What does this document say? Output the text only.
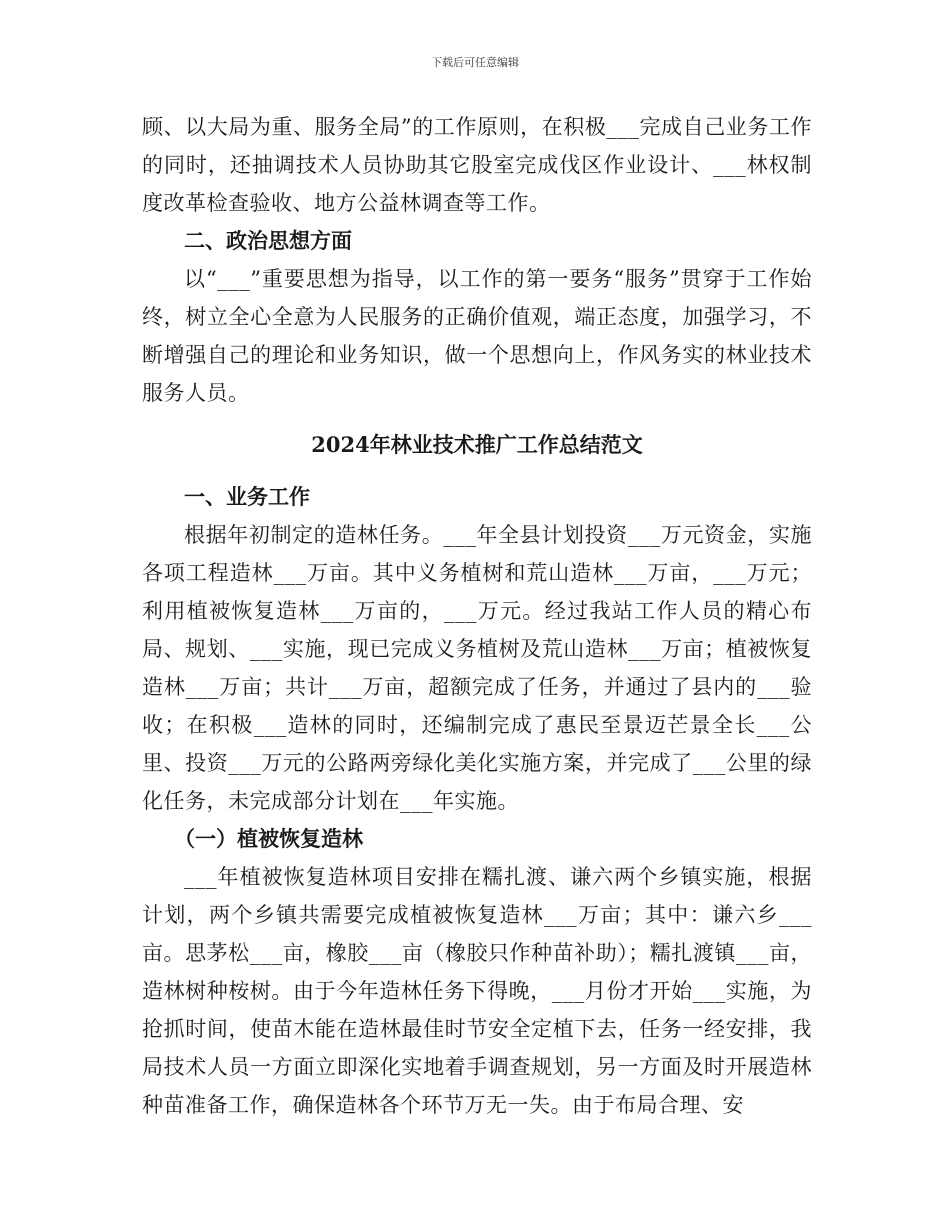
下载后可任意编辑

顾、以大局为重、服务全局”的工作原则，在积极___完成自己业务工作的同时，还抽调技术人员协助其它股室完成伐区作业设计、___林权制度改革检查验收、地方公益林调查等工作。

二、政治思想方面

以“___”重要思想为指导，以工作的第一要务“服务”贯穿于工作始终，树立全心全意为人民服务的正确价值观，端正态度，加强学习，不断增强自己的理论和业务知识，做一个思想向上，作风务实的林业技术服务人员。

2024年林业技术推广工作总结范文

一、业务工作

根据年初制定的造林任务。___年全县计划投资___万元资金，实施各项工程造林___万亩。其中义务植树和荒山造林___万亩，___万元；利用植被恢复造林___万亩的，___万元。经过我站工作人员的精心布局、规划、___实施，现已完成义务植树及荒山造林___万亩；植被恢复造林___万亩；共计___万亩，超额完成了任务，并通过了县内的___验收；在积极___造林的同时，还编制完成了惠民至景迈芒景全长___公里、投资___万元的公路两旁绿化美化实施方案，并完成了___公里的绿化任务，未完成部分计划在___年实施。

（一）植被恢复造林

___年植被恢复造林项目安排在糯扎渡、谦六两个乡镇实施，根据计划，两个乡镇共需要完成植被恢复造林___万亩；其中：谦六乡___亩。思茅松___亩，橡胶___亩（橡胶只作种苗补助）；糯扎渡镇___亩，造林树种桉树。由于今年造林任务下得晚，___月份才开始___实施，为抢抓时间，使苗木能在造林最佳时节安全定植下去，任务一经安排，我局技术人员一方面立即深化实地着手调查规划，另一方面及时开展造林种苗准备工作，确保造林各个环节万无一失。由于布局合理、安
